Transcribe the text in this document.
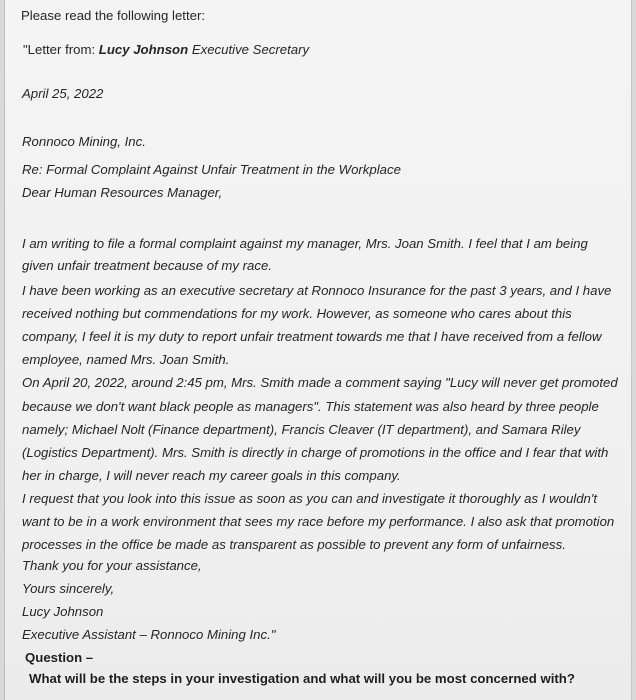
Please read the following letter:
"Letter from: Lucy Johnson Executive Secretary
April 25, 2022
Ronnoco Mining, Inc.
Re: Formal Complaint Against Unfair Treatment in the Workplace
Dear Human Resources Manager,
I am writing to file a formal complaint against my manager, Mrs. Joan Smith. I feel that I am being
given unfair treatment because of my race.
I have been working as an executive secretary at Ronnoco Insurance for the past 3 years, and I have
received nothing but commendations for my work. However, as someone who cares about this
company, I feel it is my duty to report unfair treatment towards me that I have received from a fellow
employee, named Mrs. Joan Smith.
On April 20, 2022, around 2:45 pm, Mrs. Smith made a comment saying "Lucy will never get promoted
because we don't want black people as managers". This statement was also heard by three people
namely; Michael Nolt (Finance department), Francis Cleaver (IT department), and Samara Riley
(Logistics Department). Mrs. Smith is directly in charge of promotions in the office and I fear that with
her in charge, I will never reach my career goals in this company.
I request that you look into this issue as soon as you can and investigate it thoroughly as I wouldn't
want to be in a work environment that sees my race before my performance. I also ask that promotion
processes in the office be made as transparent as possible to prevent any form of unfairness.
Thank you for your assistance,
Yours sincerely,
Lucy Johnson
Executive Assistant – Ronnoco Mining Inc."
Question –
What will be the steps in your investigation and what will you be most concerned with?
